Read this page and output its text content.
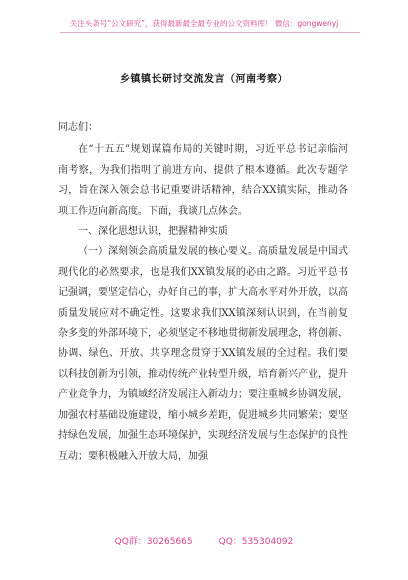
关注头条号“公文研究”，获得最新最全最专业的公文资料库！ 微信：gongwenyj
乡镇镇长研讨交流发言（河南考察）

同志们：

在“十五五”规划谋篇布局的关键时期，习近平总书记亲临河南考察，为我们指明了前进方向、提供了根本遵循。此次专题学习，旨在深入领会总书记重要讲话精神，结合XX镇实际，推动各项工作迈向新高度。下面，我谈几点体会。

一、深化思想认识，把握精神实质

（一）深刻领会高质量发展的核心要义。高质量发展是中国式现代化的必然要求，也是我们XX镇发展的必由之路。习近平总书记强调，要坚定信心，办好自己的事，扩大高水平对外开放，以高质量发展应对不确定性。这要求我们XX镇深刻认识到，在当前复杂多变的外部环境下，必须坚定不移地贯彻新发展理念，将创新、协调、绿色、开放、共享理念贯穿于XX镇发展的全过程。我们要以科技创新为引领，推动传统产业转型升级，培育新兴产业，提升产业竞争力，为镇域经济发展注入新动力；要注重城乡协调发展，加强农村基础设施建设，缩小城乡差距，促进城乡共同繁荣；要坚持绿色发展，加强生态环境保护，实现经济发展与生态保护的良性互动；要积极融入开放大局，加强

QQ群：30265665	QQ：535304092
